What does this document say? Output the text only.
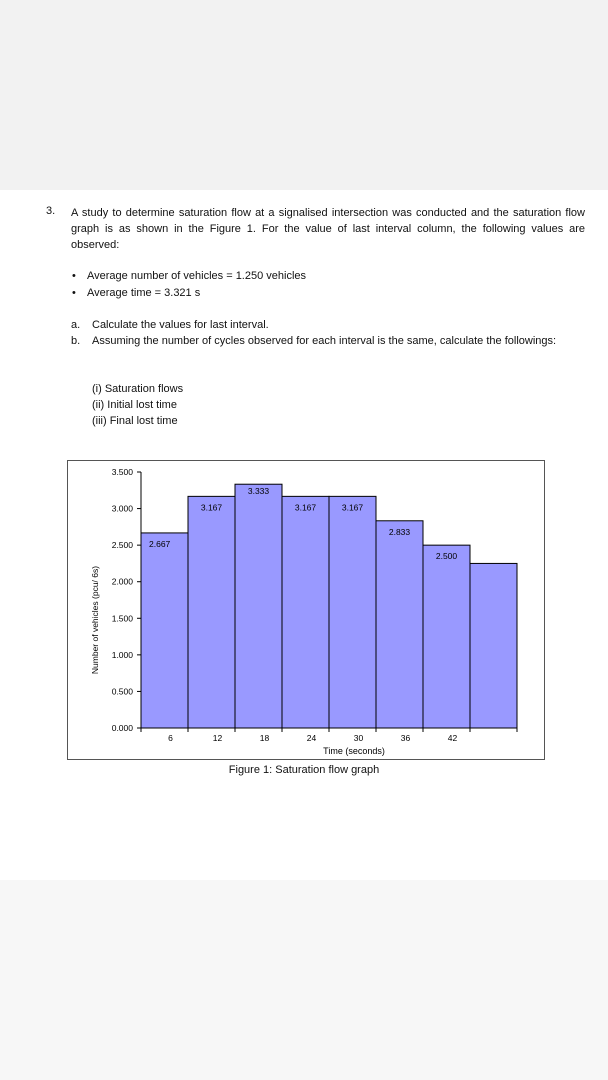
3. A study to determine saturation flow at a signalised intersection was conducted and the saturation flow graph is as shown in the Figure 1. For the value of last interval column, the following values are observed:
• Average number of vehicles = 1.250 vehicles
• Average time = 3.321 s
a. Calculate the values for last interval.
b. Assuming the number of cycles observed for each interval is the same, calculate the followings:
(i) Saturation flows
(ii) Initial lost time
(iii) Final lost time
2.667
3.167
3.333
3.167	3.167
2.833
2.500
0.000
0.500
1.000
1.500
2.000
2.500
3.000
3.500
6	12	18	24	30	36	42
Time (seconds)
Number of vehicles (pcu/ 6s)
Figure 1: Saturation flow graph
